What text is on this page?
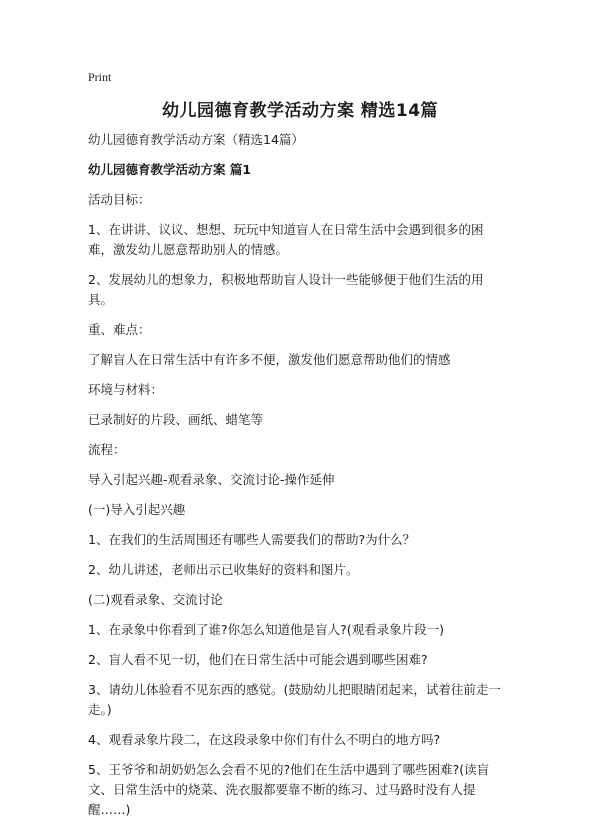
Print
幼儿园德育教学活动方案 精选14篇

幼儿园德育教学活动方案（精选14篇）

幼儿园德育教学活动方案 篇1

活动目标：

1、在讲讲、议议、想想、玩玩中知道盲人在日常生活中会遇到很多的困难，激发幼儿愿意帮助别人的情感。

2、发展幼儿的想象力，积极地帮助盲人设计一些能够便于他们生活的用具。

重、难点：

了解盲人在日常生活中有许多不便，激发他们愿意帮助他们的情感

环境与材料：

已录制好的片段、画纸、蜡笔等

流程：

导入引起兴趣-观看录象、交流讨论-操作延伸

(一)导入引起兴趣

1、在我们的生活周围还有哪些人需要我们的帮助?为什么？

2、幼儿讲述，老师出示已收集好的资料和图片。

(二)观看录象、交流讨论

1、在录象中你看到了谁?你怎么知道他是盲人?(观看录象片段一)

2、盲人看不见一切，他们在日常生活中可能会遇到哪些困难?

3、请幼儿体验看不见东西的感觉。(鼓励幼儿把眼睛闭起来，试着往前走一走。)

4、观看录象片段二，在这段录象中你们有什么不明白的地方吗?

5、王爷爷和胡奶奶怎么会看不见的?他们在生活中遇到了哪些困难?(读盲文、日常生活中的烧菜、洗衣服都要靠不断的练习、过马路时没有人提醒……)
